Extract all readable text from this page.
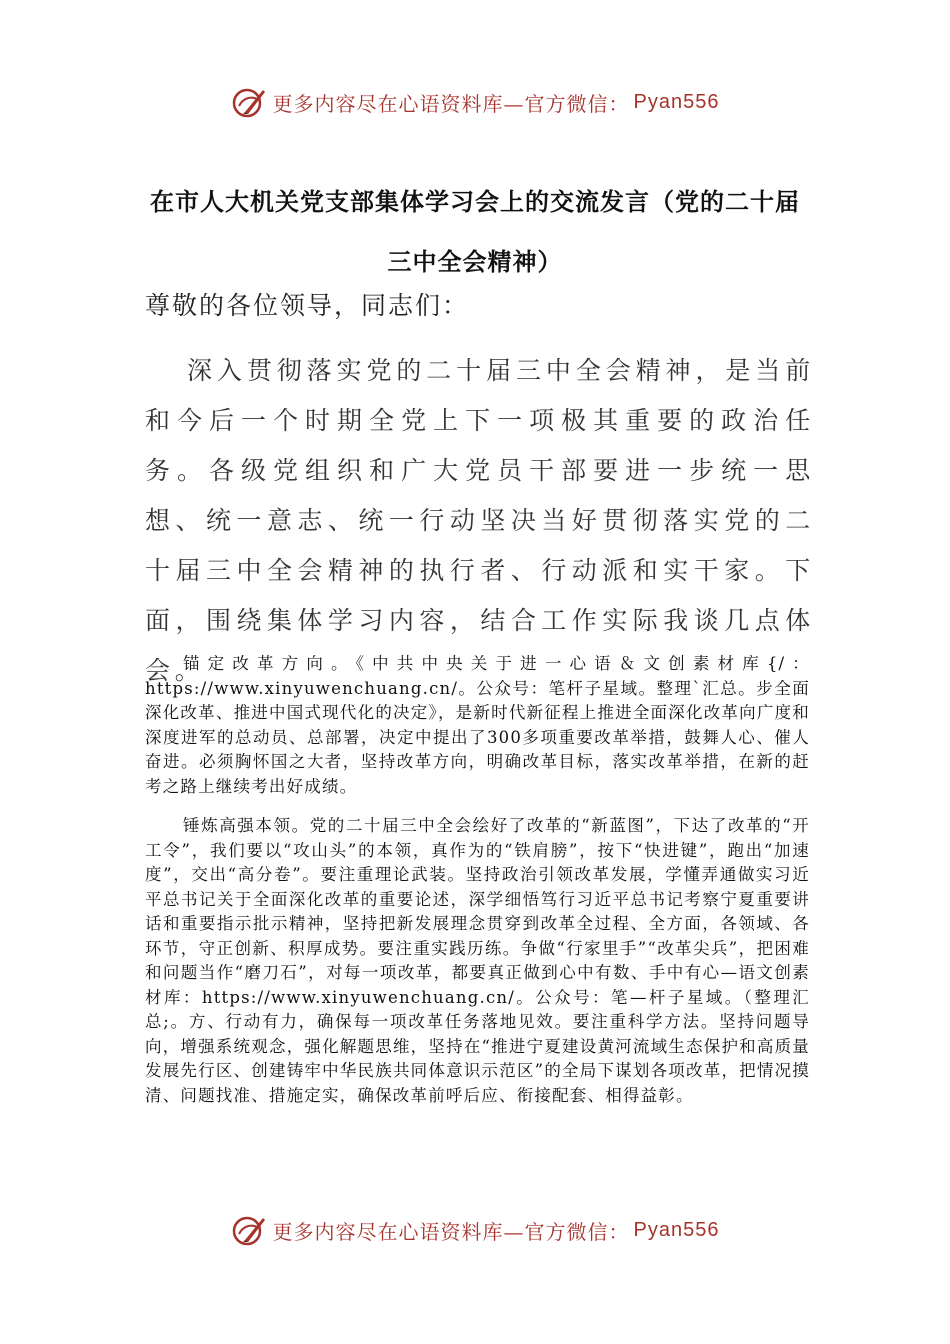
更多内容尽在心语资料库—官方微信： Pyan556
在市人大机关党支部集体学习会上的交流发言（党的二十届三中全会精神）
尊敬的各位领导，同志们：
深入贯彻落实党的二十届三中全会精神，是当前和今后一个时期全党上下一项极其重要的政治任务。各级党组织和广大党员干部要进一步统一思想、统一意志、统一行动坚决当好贯彻落实党的二十届三中全会精神的执行者、行动派和实干家。下面，围绕集体学习内容，结合工作实际我谈几点体会。

锚定改革方向。《中共中央关于进一心语＆文创素材库{/：https://www.xinyuwenchuang.cn/。公众号：笔杆子星域。整理`汇总。步全面深化改革、推进中国式现代化的决定》，是新时代新征程上推进全面深化改革向广度和深度进军的总动员、总部署，决定中提出了300多项重要改革举措，鼓舞人心、催人奋进。必须胸怀国之大者，坚持改革方向，明确改革目标，落实改革举措，在新的赶考之路上继续考出好成绩。

锤炼高强本领。党的二十届三中全会绘好了改革的“新蓝图”，下达了改革的“开工令”，我们要以“攻山头”的本领，真作为的“铁肩膀”，按下“快进键”，跑出“加速度”，交出“高分卷”。要注重理论武装。坚持政治引领改革发展，学懂弄通做实习近平总书记关于全面深化改革的重要论述，深学细悟笃行习近平总书记考察宁夏重要讲话和重要指示批示精神，坚持把新发展理念贯穿到改革全过程、全方面，各领域、各环节，守正创新、积厚成势。要注重实践历练。争做“行家里手”“改革尖兵”，把困难和问题当作“磨刀石”，对每一项改革，都要真正做到心中有数、手中有心—语文创素材库：https://www.xinyuwenchuang.cn/。公众号：笔—杆子星域。（整理汇总;。方、行动有力，确保每一项改革任务落地见效。要注重科学方法。坚持问题导向，增强系统观念，强化解题思维，坚持在“推进宁夏建设黄河流域生态保护和高质量发展先行区、创建铸牢中华民族共同体意识示范区”的全局下谋划各项改革，把情况摸清、问题找准、措施定实，确保改革前呼后应、衔接配套、相得益彰。

更多内容尽在心语资料库—官方微信： Pyan556
